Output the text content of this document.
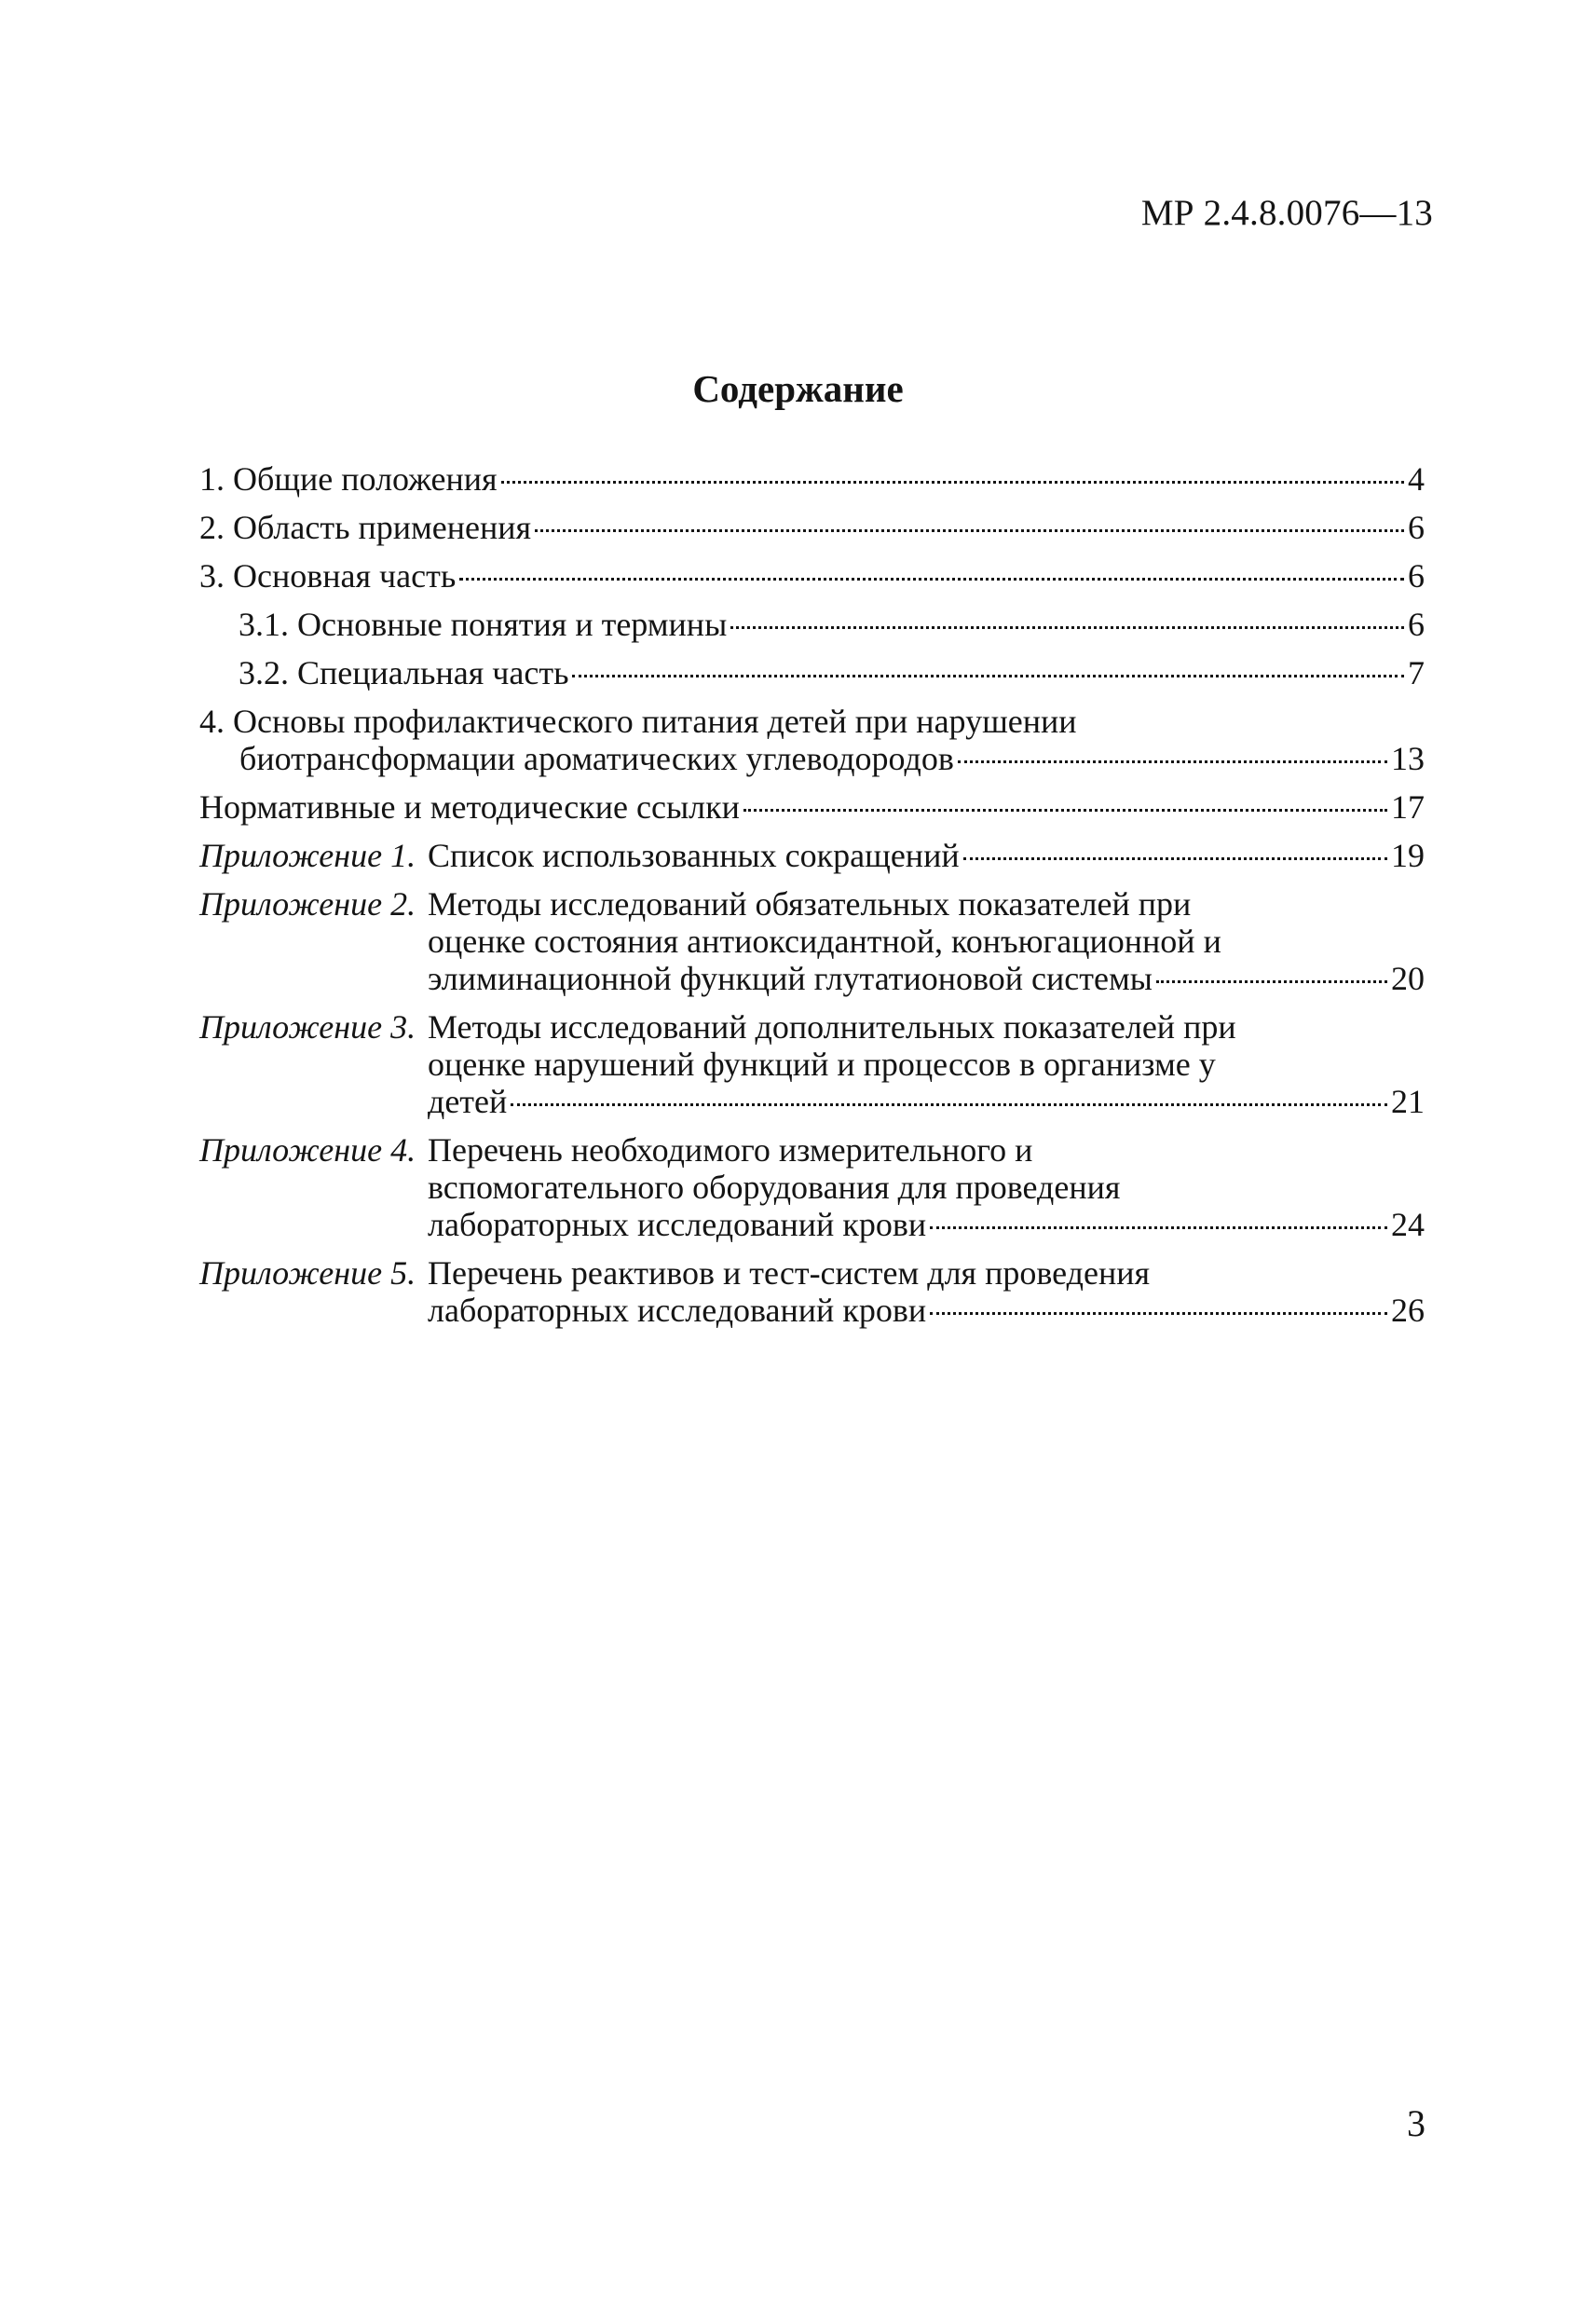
МР 2.4.8.0076—13
Содержание
1. Общие положения	4
2. Область применения	6
3. Основная часть	6
3.1. Основные понятия и термины	6
3.2. Специальная часть	7
4. Основы профилактического питания детей при нарушении
биотрансформации ароматических углеводородов	13
Нормативные и методические ссылки	17
Приложение 1. Список использованных сокращений	19
Приложение 2. Методы исследований обязательных показателей при
оценке состояния антиоксидантной, конъюгационной и
элиминационной функций глутатионовой системы	20
Приложение 3. Методы исследований дополнительных показателей при
оценке нарушений функций и процессов в организме у
детей	21
Приложение 4. Перечень необходимого измерительного и
вспомогательного оборудования для проведения
лабораторных исследований крови	24
Приложение 5. Перечень реактивов и тест-систем для проведения
лабораторных исследований крови	26
3
